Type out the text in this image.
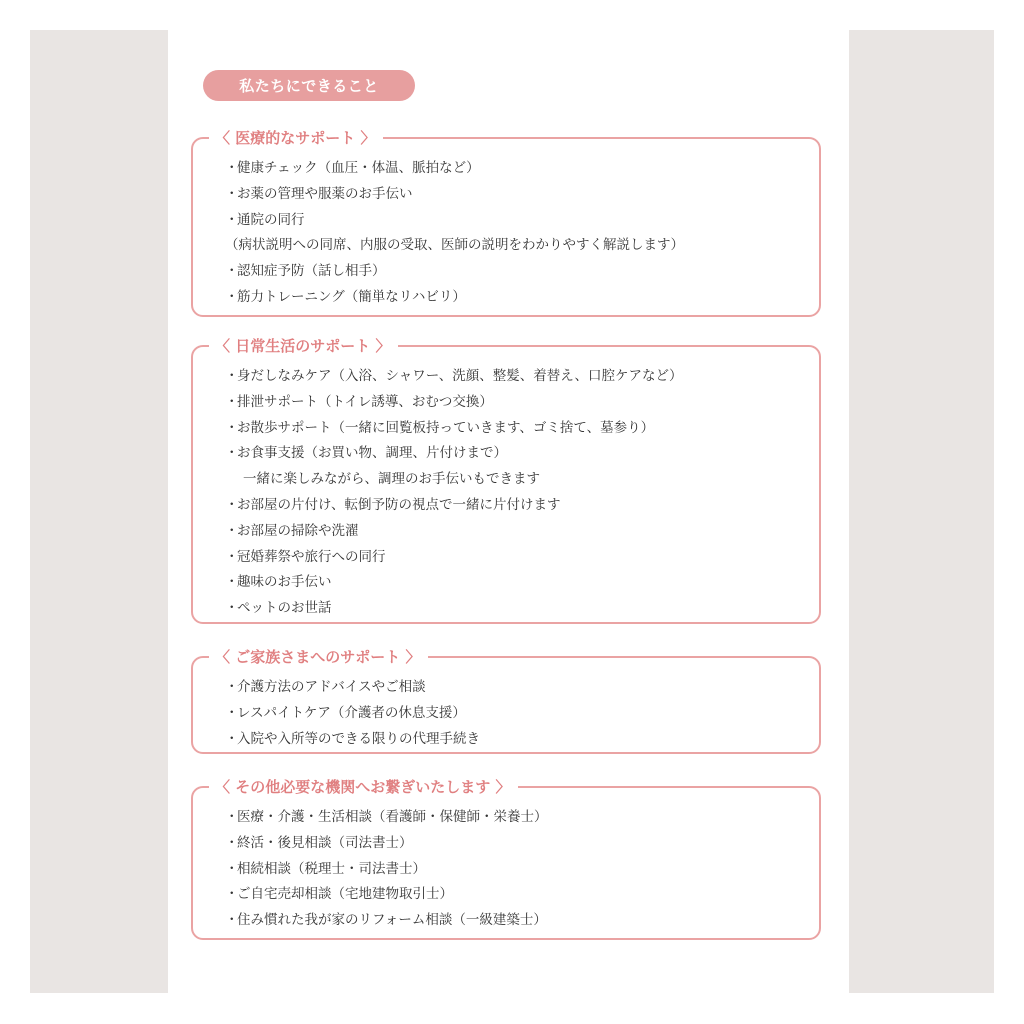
私たちにできること
〈 医療的なサポート 〉
・健康チェック（血圧・体温、脈拍など）
・お薬の管理や服薬のお手伝い
・通院の同行
（病状説明への同席、内服の受取、医師の説明をわかりやすく解説します）
・認知症予防（話し相手）
・筋力トレーニング（簡単なリハビリ）
〈 日常生活のサポート 〉
・身だしなみケア（入浴、シャワー、洗顔、整髪、着替え、口腔ケアなど）
・排泄サポート（トイレ誘導、おむつ交換）
・お散歩サポート（一緒に回覧板持っていきます、ゴミ捨て、墓参り）
・お食事支援（お買い物、調理、片付けまで）
一緒に楽しみながら、調理のお手伝いもできます
・お部屋の片付け、転倒予防の視点で一緒に片付けます
・お部屋の掃除や洗濯
・冠婚葬祭や旅行への同行
・趣味のお手伝い
・ペットのお世話
〈 ご家族さまへのサポート 〉
・介護方法のアドバイスやご相談
・レスパイトケア（介護者の休息支援）
・入院や入所等のできる限りの代理手続き
〈 その他必要な機関へお繋ぎいたします 〉
・医療・介護・生活相談（看護師・保健師・栄養士）
・終活・後見相談（司法書士）
・相続相談（税理士・司法書士）
・ご自宅売却相談（宅地建物取引士）
・住み慣れた我が家のリフォーム相談（一級建築士）
